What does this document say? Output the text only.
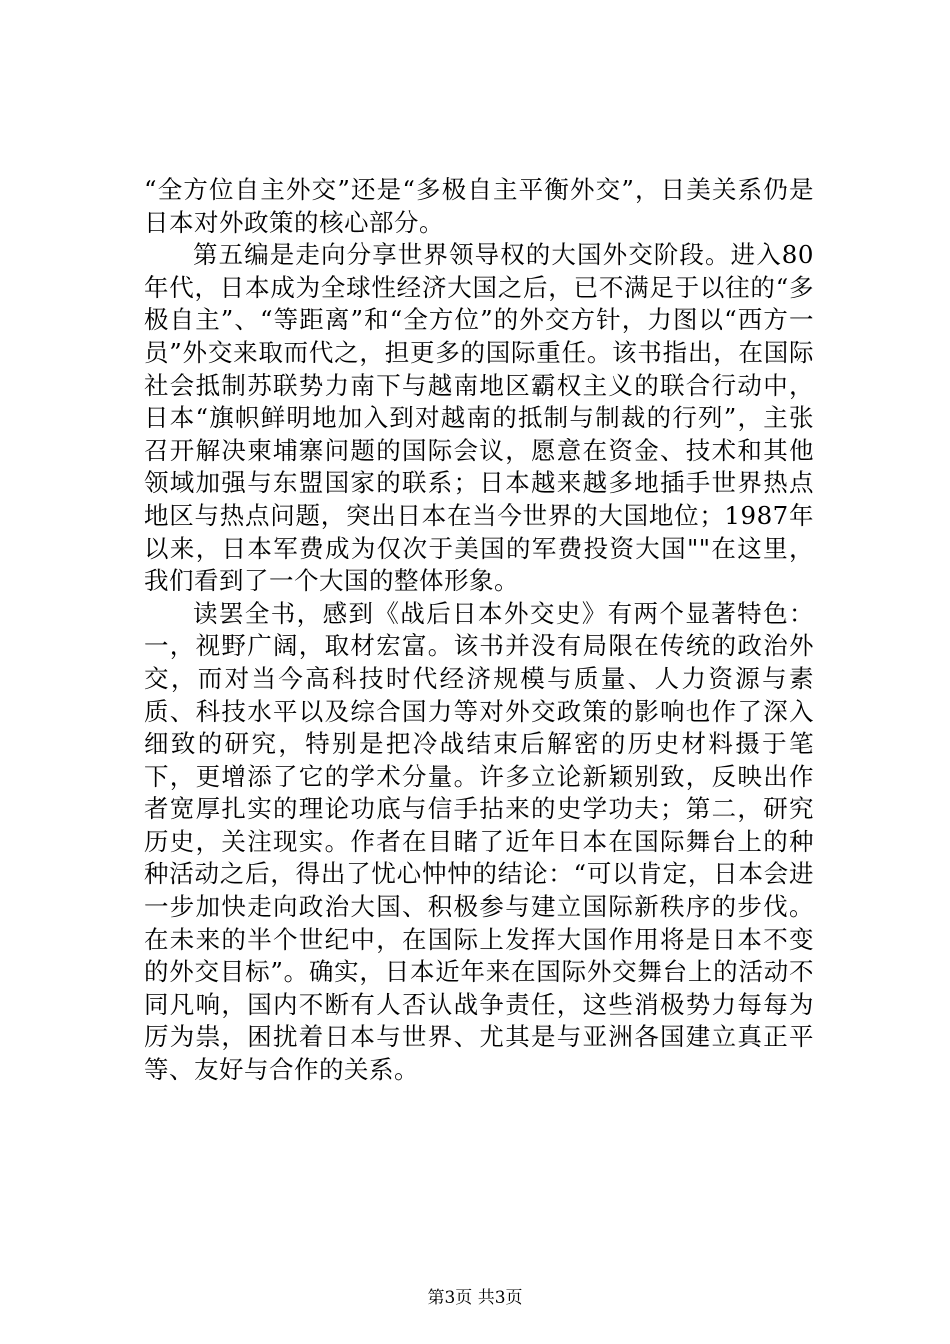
“全方位自主外交”还是“多极自主平衡外交”，日美关系仍是日本对外政策的核心部分。

第五编是走向分享世界领导权的大国外交阶段。进入80年代，日本成为全球性经济大国之后，已不满足于以往的“多极自主”、“等距离”和“全方位”的外交方针，力图以“西方一员”外交来取而代之，担更多的国际重任。该书指出，在国际社会抵制苏联势力南下与越南地区霸权主义的联合行动中，日本“旗帜鲜明地加入到对越南的抵制与制裁的行列”，主张召开解决柬埔寨问题的国际会议，愿意在资金、技术和其他领域加强与东盟国家的联系；日本越来越多地插手世界热点地区与热点问题，突出日本在当今世界的大国地位；1987年以来，日本军费成为仅次于美国的军费投资大国""在这里，我们看到了一个大国的整体形象。

读罢全书，感到《战后日本外交史》有两个显著特色：一，视野广阔，取材宏富。该书并没有局限在传统的政治外交，而对当今高科技时代经济规模与质量、人力资源与素质、科技水平以及综合国力等对外交政策的影响也作了深入细致的研究，特别是把冷战结束后解密的历史材料摄于笔下，更增添了它的学术分量。许多立论新颖别致，反映出作者宽厚扎实的理论功底与信手拈来的史学功夫；第二，研究历史，关注现实。作者在目睹了近年日本在国际舞台上的种种活动之后，得出了忧心忡忡的结论：“可以肯定，日本会进一步加快走向政治大国、积极参与建立国际新秩序的步伐。在未来的半个世纪中，在国际上发挥大国作用将是日本不变的外交目标”。确实，日本近年来在国际外交舞台上的活动不同凡响，国内不断有人否认战争责任，这些消极势力每每为厉为祟，困扰着日本与世界、尤其是与亚洲各国建立真正平等、友好与合作的关系。

第3页 共3页
